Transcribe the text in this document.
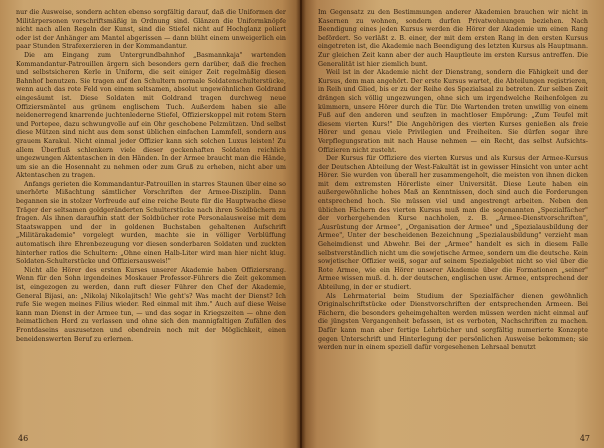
nur die Ausweise, sondern achten ebenso sorgfältig darauf, daß die Uniformen der Militärpersonen vorschriftsmäßig in Ordnung sind. Glänzen die Uniformknöpfe nicht nach allen Regeln der Kunst, sind die Stiefel nicht auf Hochglanz poliert oder ist der Anhänger am Mantel abgerissen — dann blüht einem unweigerlich ein paar Stunden Strafexerzieren in der Kommandantur.

Die am Eingang zum Untergrundbahnhof „Basmannkaja" wartenden Kommandantur-Patrouillen ärgern sich besonders gern darüber, daß die frechen und selbstsicheren Kerle in Uniform, die seit einiger Zeit regelmäßig diesen Bahnhof benutzen. Sie tragen auf den Schultern normale Soldatenschulterstücke, wenn auch das rote Feld von einem seltsamen, absolut ungewöhnlichen Goldrand eingesäumt ist. Diese Soldaten mit Goldrand tragen durchweg neue Offiziersmäntel aus grünem englischem Tuch. Außerdem haben sie alle neidenerregend knarrende juchtenlederne Stiefel, Offizierskoppel mit rotem Stern und Portepee, dazu schwungvolle auf ein Ohr geschobene Pelzmützen. Und selbst diese Mützen sind nicht aus dem sonst üblichen einfachen Lammfell, sondern aus grauem Karakul. Nicht einmal jeder Offizier kann sich solchen Luxus leisten! Zu allem Überfluß schlenkern viele dieser geckenhaften Soldaten reichlich ungezwungen Aktentaschen in den Händen. In der Armee braucht man die Hände, um sie an die Hosennaht zu nehmen oder zum Gruß zu erheben, nicht aber um Aktentaschen zu tragen.

Anfangs gerieten die Kommandantur-Patrouillen in starres Staunen über eine so unerhörte Mißachtung sämtlicher Vorschriften der Armee-Disziplin. Dann begannen sie in stolzer Vorfreude auf eine reiche Beute für die Hauptwache diese Träger der seltsamen goldgeränderten Schulterstücke nach ihren Soldbüchern zu fragen. Als ihnen daraufhin statt der Soldbücher rote Personalausweise mit dem Staatswappen und der in goldenen Buchstaben gehaltenen Aufschrift „Militärakademie" vorgelegt wurden, machte sie in völliger Verblüffung automatisch ihre Ehrenbezeugung vor diesen sonderbaren Soldaten und zuckten hinterher ratlos die Schultern: „Ohne einen Halb-Liter wird man hier nicht klug. Soldaten-Schulterstücke und Offiziersausweis!"

Nicht alle Hörer des ersten Kurses unserer Akademie haben Offiziersrang. Wenn für den Sohn irgendeines Moskauer Professor-Führers die Zeit gekommen ist, eingezogen zu werden, dann ruft dieser Führer den Chef der Akademie, General Bijasi, an: „Nikolaj Nikolajitsch! Wie geht's? Was macht der Dienst? Ich rufe Sie wegen meines Filius wieder. Red einmal mit ihm." Auch auf diese Weise kann man Dienst in der Armee tun, — und das sogar in Kriegszeiten — ohne den heimatlichen Herd zu verlassen und ohne sich den mannigfaltigen Zufällen des Frontdaseins auszusetzen und obendrein noch mit der Möglichkeit, einen beneidenswerten Beruf zu erlernen.

46

Im Gegensatz zu den Bestimmungen anderer Akademien brauchen wir nicht in Kasernen zu wohnen, sondern durfen Privatwohnungen beziehen. Nach Beendigung eines jeden Kursus werden die Hörer der Akademie um einen Rang befördert. So verläßt z. B. einer, der mit dem ersten Rang in den ersten Kursus eingetreten ist, die Akademie nach Beendigung des letzten Kursus als Hauptmann. Zur gleichen Zeit kann aber der auch Hauptleute im ersten Kursus antreffen. Die Generalität ist hier ziemlich bunt.

Weil ist in der Akademie nicht der Dienstrang, sondern die Fähigkeit und der Kursus, dem man angehört. Der erste Kursus wartet, die Abteilungen registrieren, in Reih und Glied, bis er zu der Reihe des Spezialsaal zu betreten. Zur selben Zeit drängen sich völlig ungezwungen, ohne sich um irgendwelche Reihenfolgen zu kümmern, unsere Hörer durch die Tür. Die Wartenden treten unwillig von einem Fuß auf den anderen und seufzen in machtloser Empörung: „Zum Teufel mit diesem vierten Kurs!" Die Angehörigen des vierten Kurses genießen als freie Hörer und genau viele Privilegien und Freiheiten. Sie dürfen sogar ihre Verpflegungsration mit nach Hause nehmen — ein Recht, das selbst Aufsichts-Offizieren nicht zusteht.

Der Kursus für Offiziere des vierten Kursus und als Kursus der Armee-Kursus der Deutschen Abteilung der West-Fakultät ist in gewisser Hinsicht von unter acht Hörer. Sie wurden von überall her zusammengeholt, die meisten von ihnen dicken mit dem extremsten Hörerliste einer Universität. Diese Leute haben ein außergewöhnliche hohes Maß an Kenntnissen, doch sind auch die Forderungen entsprechend hoch. Sie müssen viel und angestrengt arbeiten. Neben den üblichen Fächern des vierten Kursus muß man die sogenannten „Spezialfächer" der vorhergehenden Kurse nachholen, z. B. „Armee-Dienstvorschriften", „Ausrüstung der Armee", „Organisation der Armee" und „Spezialausbildung der Armee", Unter der bescheidenen Bezeichnung „Spezialausbildung" verzieht man Geheimdienst und Abwehr. Bei der „Armee" handelt es sich in diesem Falle selbstverständlich nicht um die sowjetische Armee, sondern um die deutsche. Kein sowjetischer Offizier weiß, sogar auf seinem Spezialgebiet nicht so viel über die Rote Armee, wie ein Hörer unserer Akademie über die Formationen „seiner" Armee wissen muß. d. h. der deutschen, englischen usw. Armee, entsprechend der Abteilung, in der er studiert.

Als Lehrmaterial beim Studium der Spezialfächer dienen gewöhnlich Originalschriftstücke oder Dienstvorschriften der entsprechenden Armeen. Bei Fächern, die besonders geheimgehalten werden müssen werden nicht einmal auf die jüngsten Vergangenheit befassen, ist es verboten, Nachschriften zu machen. Dafür kann man aber fertige Lehrbücher und sorgfältig numerierte Konzepte gegen Unterschrift und Hinterlegung der persönlichen Ausweise bekommen; sie werden nur in einem speziell dafür vorgesehenen Lehrsaal benutzt

47
